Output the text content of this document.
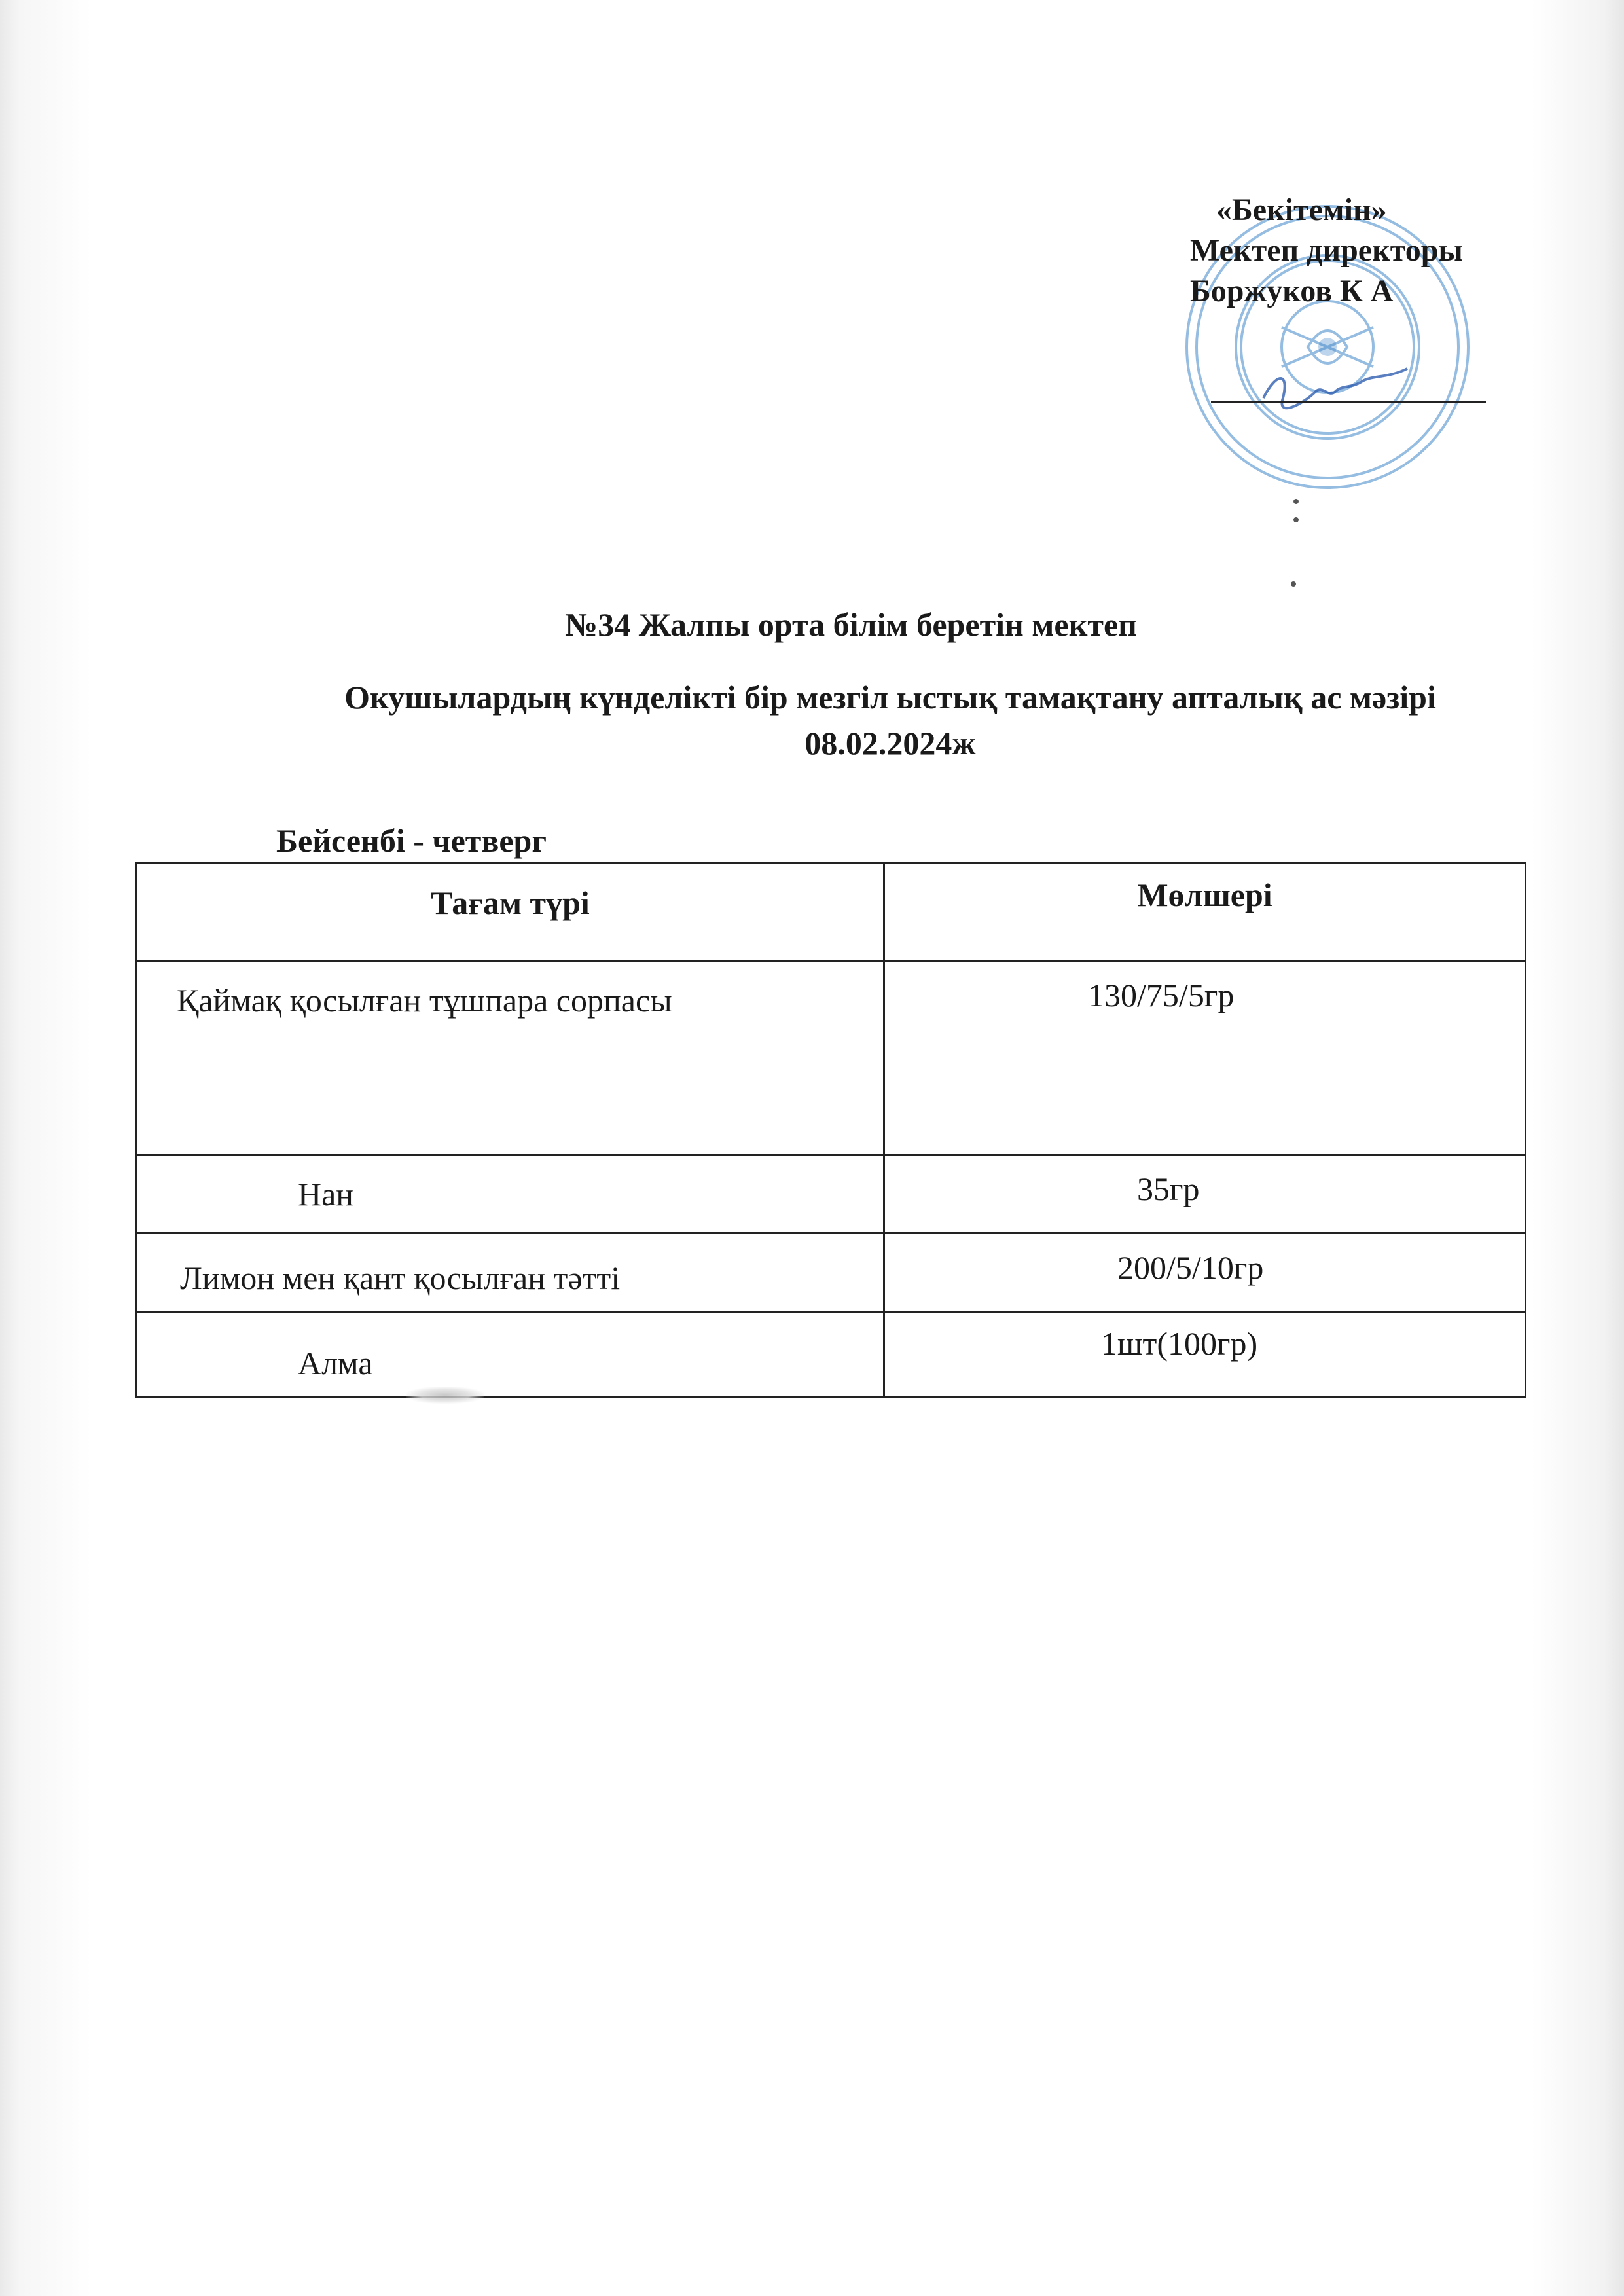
«Бекітемін»
Мектеп директоры
Боржуков К А
№34 Жалпы орта білім беретін мектеп
Окушылардың күнделікті бір мезгіл ыстық тамақтану апталық ас мәзірі
08.02.2024ж
Бейсенбі - четверг
Тағам түрі	Мөлшері
Қаймақ қосылған тұшпара сорпасы	130/75/5гр
Нан	35гр
Лимон мен қант қосылған тәтті	200/5/10гр
Алма	1шт(100гр)
